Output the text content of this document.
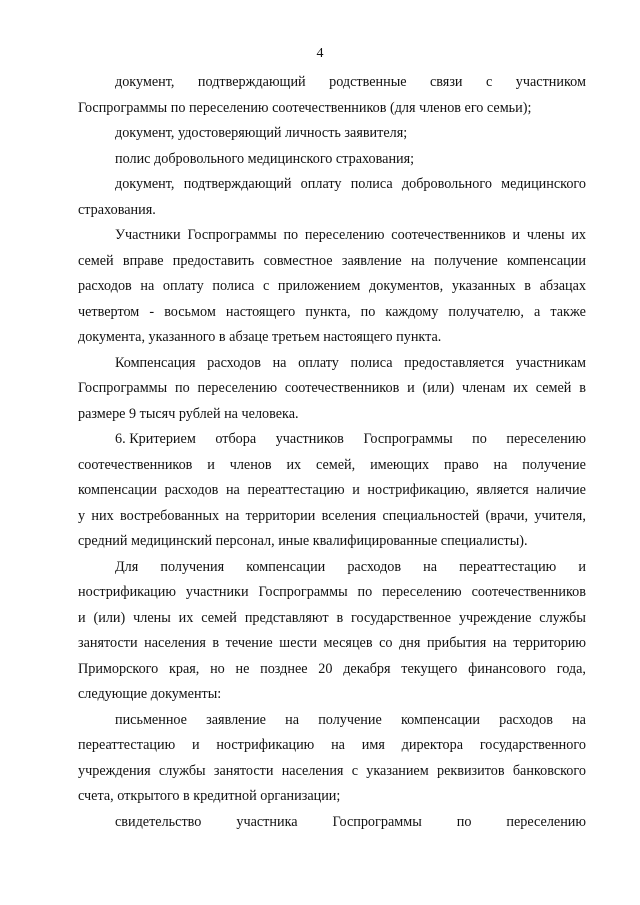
4

документ, подтверждающий родственные связи с участником
Госпрограммы по переселению соотечественников (для членов его семьи);

документ, удостоверяющий личность заявителя;

полис добровольного медицинского страхования;

документ, подтверждающий оплату полиса добровольного медицинского
страхования.

Участники Госпрограммы по переселению соотечественников и члены их
семей вправе предоставить совместное заявление на получение компенсации
расходов на оплату полиса с приложением документов, указанных в абзацах
четвертом - восьмом настоящего пункта, по каждому получателю, а также
документа, указанного в абзаце третьем настоящего пункта.

Компенсация расходов на оплату полиса предоставляется участникам
Госпрограммы по переселению соотечественников и (или) членам их семей в
размере 9 тысяч рублей на человека.

6. Критерием отбора участников Госпрограммы по переселению
соотечественников и членов их семей, имеющих право на получение
компенсации расходов на переаттестацию и нострификацию, является наличие
у них востребованных на территории вселения специальностей (врачи, учителя,
средний медицинский персонал, иные квалифицированные специалисты).

Для получения компенсации расходов на переаттестацию и
нострификацию участники Госпрограммы по переселению соотечественников
и (или) члены их семей представляют в государственное учреждение службы
занятости населения в течение шести месяцев со дня прибытия на территорию
Приморского края, но не позднее 20 декабря текущего финансового года,
следующие документы:

письменное заявление на получение компенсации расходов на
переаттестацию и нострификацию на имя директора государственного
учреждения службы занятости населения с указанием реквизитов банковского
счета, открытого в кредитной организации;

свидетельство участника Госпрограммы по переселению
